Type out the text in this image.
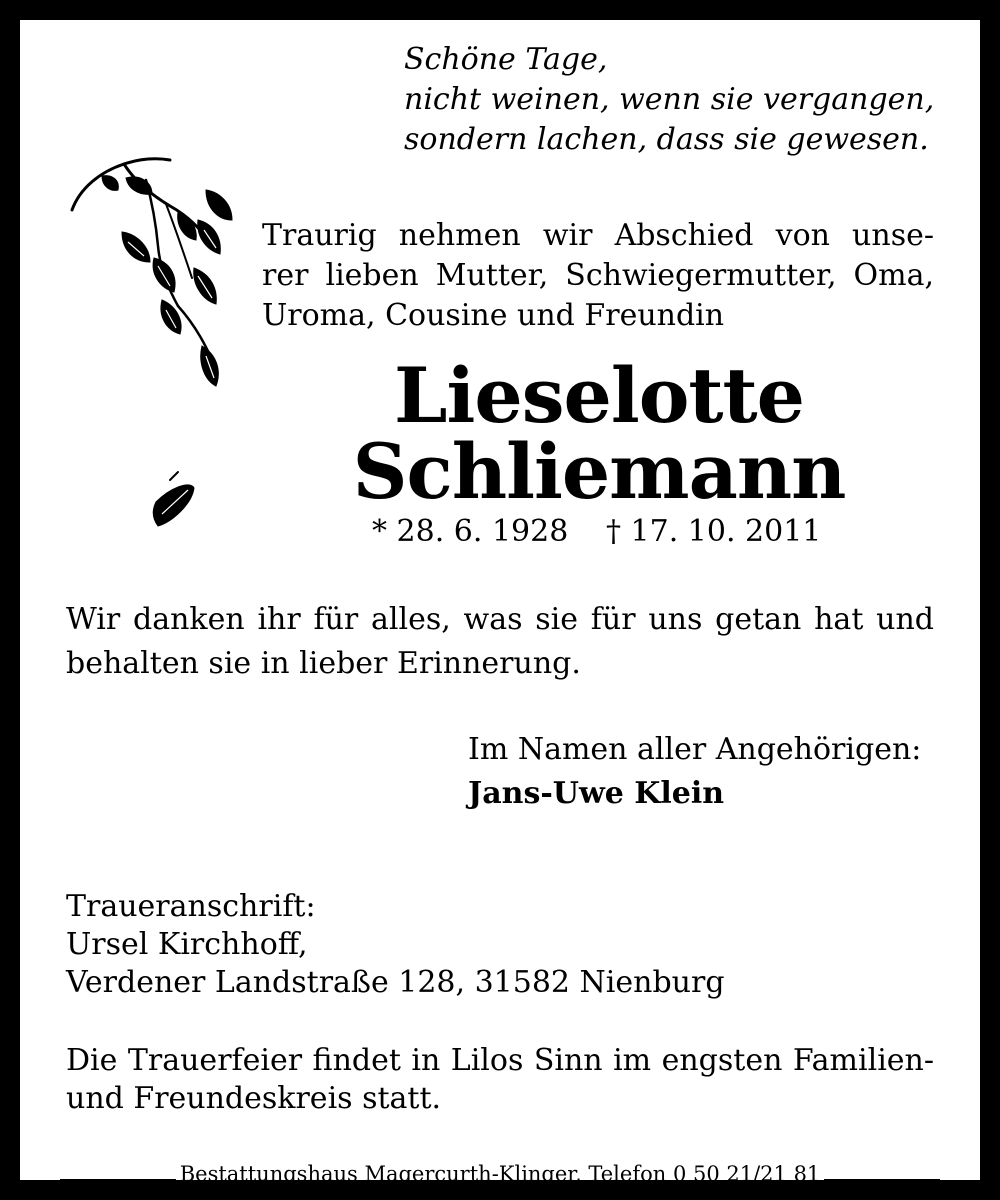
Schöne Tage,
nicht weinen, wenn sie vergangen,
sondern lachen, dass sie gewesen.
Traurig nehmen wir Abschied von unse-
rer lieben Mutter, Schwiegermutter, Oma,
Uroma, Cousine und Freundin
Lieselotte
Schliemann
* 28. 6. 1928 † 17. 10. 2011
Wir danken ihr für alles, was sie für uns getan hat und
behalten sie in lieber Erinnerung.
Im Namen aller Angehörigen:
Jans-Uwe Klein
Traueranschrift:
Ursel Kirchhoff,
Verdener Landstraße 128, 31582 Nienburg
Die Trauerfeier findet in Lilos Sinn im engsten Familien-
und Freundeskreis statt.
Bestattungshaus Magercurth-Klinger, Telefon 0 50 21/21 81
